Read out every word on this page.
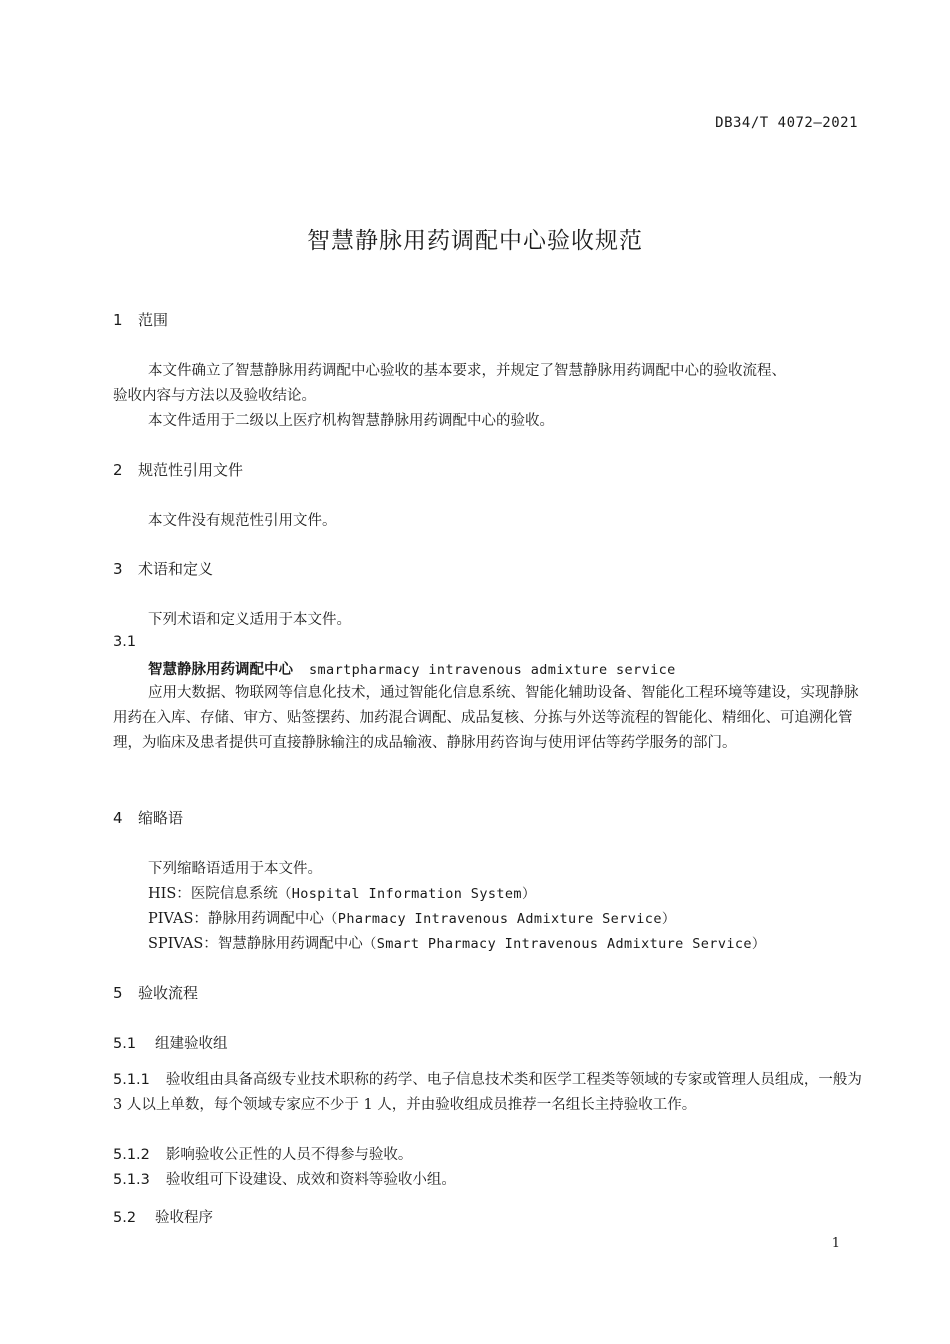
DB34/T 4072—2021
智慧静脉用药调配中心验收规范
1 范围
本文件确立了智慧静脉用药调配中心验收的基本要求，并规定了智慧静脉用药调配中心的验收流程、
验收内容与方法以及验收结论。
本文件适用于二级以上医疗机构智慧静脉用药调配中心的验收。
2 规范性引用文件
本文件没有规范性引用文件。
3 术语和定义
下列术语和定义适用于本文件。
3.1
智慧静脉用药调配中心 smartpharmacy intravenous admixture service
应用大数据、物联网等信息化技术，通过智能化信息系统、智能化辅助设备、智能化工程环境等建设，实现静脉用药在入库、存储、审方、贴签摆药、加药混合调配、成品复核、分拣与外送等流程的智能化、精细化、可追溯化管理，为临床及患者提供可直接静脉输注的成品输液、静脉用药咨询与使用评估等药学服务的部门。
4 缩略语
下列缩略语适用于本文件。
HIS：医院信息系统（Hospital Information System）
PIVAS：静脉用药调配中心（Pharmacy Intravenous Admixture Service）
SPIVAS：智慧静脉用药调配中心（Smart Pharmacy Intravenous Admixture Service）
5 验收流程
5.1 组建验收组
5.1.1 验收组由具备高级专业技术职称的药学、电子信息技术类和医学工程类等领域的专家或管理人员组成，一般为 3 人以上单数，每个领域专家应不少于 1 人，并由验收组成员推荐一名组长主持验收工作。
5.1.2 影响验收公正性的人员不得参与验收。
5.1.3 验收组可下设建设、成效和资料等验收小组。
5.2 验收程序
1
